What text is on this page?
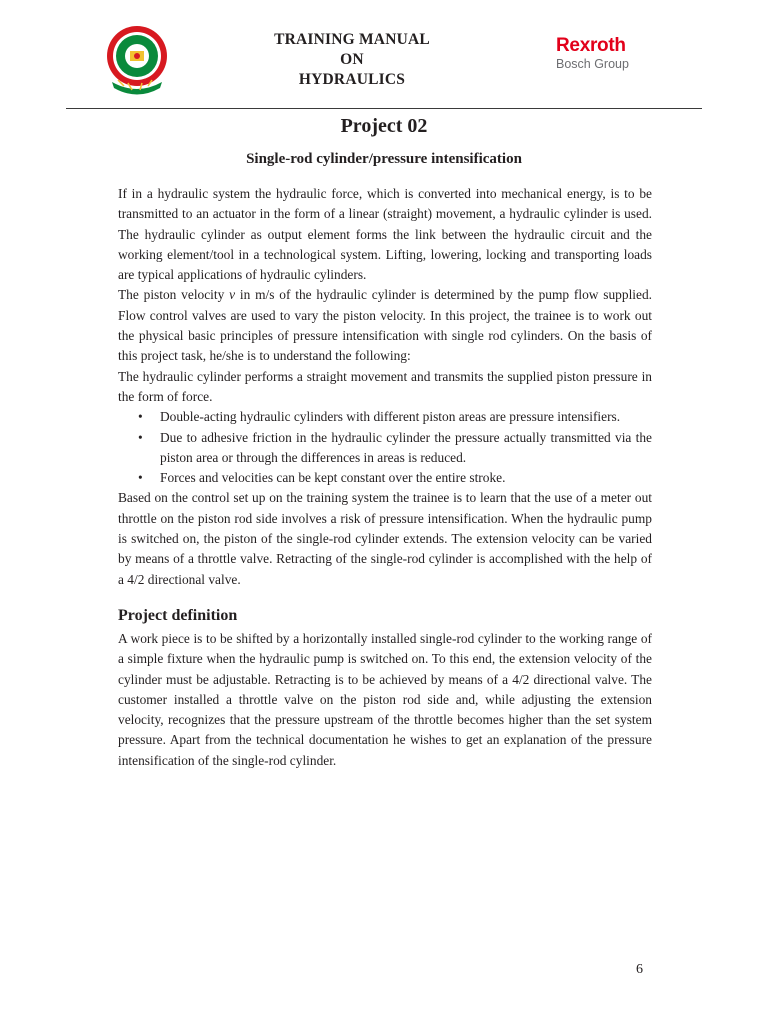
TRAINING MANUAL
ON
HYDRAULICS
Rexroth
Bosch Group
Project 02
Single-rod cylinder/pressure intensification

If in a hydraulic system the hydraulic force, which is converted into mechanical energy, is to be transmitted to an actuator in the form of a linear (straight) movement, a hydraulic cylinder is used. The hydraulic cylinder as output element forms the link between the hydraulic circuit and the working element/tool in a technological system. Lifting, lowering, locking and transporting loads are typical applications of hydraulic cylinders.

The piston velocity v in m/s of the hydraulic cylinder is determined by the pump flow supplied. Flow control valves are used to vary the piston velocity. In this project, the trainee is to work out the physical basic principles of pressure intensification with single rod cylinders. On the basis of this project task, he/she is to understand the following:

The hydraulic cylinder performs a straight movement and transmits the supplied piston pressure in the form of force.

• Double-acting hydraulic cylinders with different piston areas are pressure intensifiers.
• Due to adhesive friction in the hydraulic cylinder the pressure actually transmitted via the piston area or through the differences in areas is reduced.
• Forces and velocities can be kept constant over the entire stroke.

Based on the control set up on the training system the trainee is to learn that the use of a meter out throttle on the piston rod side involves a risk of pressure intensification. When the hydraulic pump is switched on, the piston of the single-rod cylinder extends. The extension velocity can be varied by means of a throttle valve. Retracting of the single-rod cylinder is accomplished with the help of a 4/2 directional valve.

Project definition

A work piece is to be shifted by a horizontally installed single-rod cylinder to the working range of a simple fixture when the hydraulic pump is switched on. To this end, the extension velocity of the cylinder must be adjustable. Retracting is to be achieved by means of a 4/2 directional valve. The customer installed a throttle valve on the piston rod side and, while adjusting the extension velocity, recognizes that the pressure upstream of the throttle becomes higher than the set system pressure. Apart from the technical documentation he wishes to get an explanation of the pressure intensification of the single-rod cylinder.

6
